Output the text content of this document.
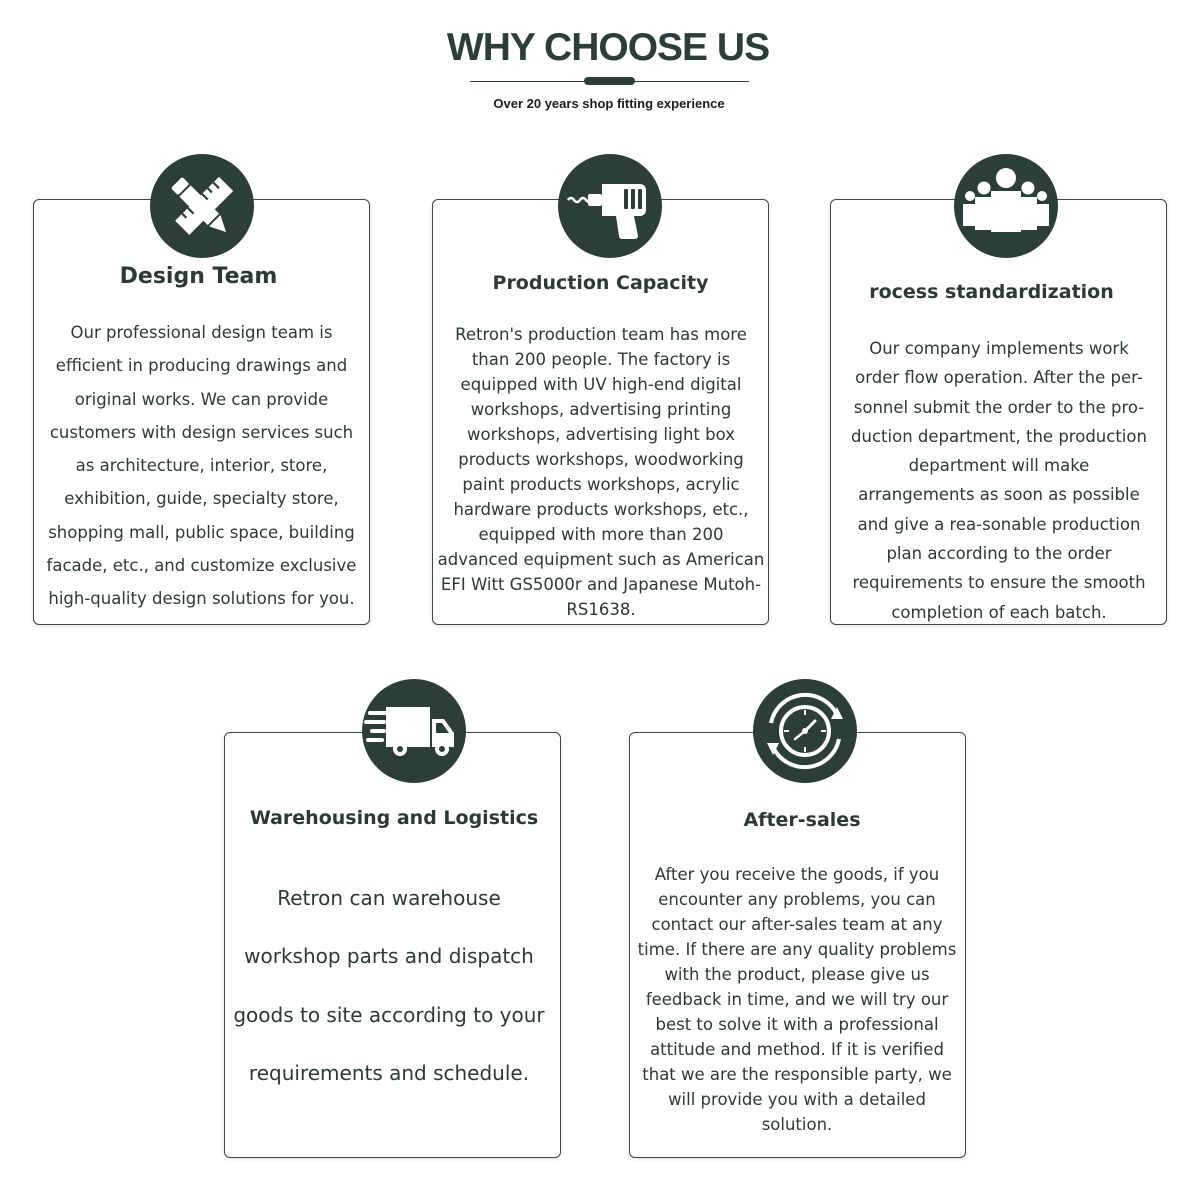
WHY CHOOSE US

Over 20 years shop fitting experience

Design Team

Our professional design team is efficient in producing drawings and original works. We can provide customers with design services such as architecture, interior, store, exhibition, guide, specialty store, shopping mall, public space, building facade, etc., and customize exclusive high-quality design solutions for you.

Production Capacity

Retron's production team has more than 200 people. The factory is equipped with UV high-end digital workshops, advertising printing workshops, advertising light box products workshops, woodworking paint products workshops, acrylic hardware products workshops, etc., equipped with more than 200 advanced equipment such as American EFI Witt GS5000r and Japanese Mutoh-RS1638.

rocess standardization

Our company implements work order flow operation. After the per-sonnel submit the order to the pro-duction department, the production department will make arrangements as soon as possible and give a rea-sonable production plan according to the order requirements to ensure the smooth completion of each batch.

Warehousing and Logistics

Retron can warehouse workshop parts and dispatch goods to site according to your requirements and schedule.

After-sales

After you receive the goods, if you encounter any problems, you can contact our after-sales team at any time. If there are any quality problems with the product, please give us feedback in time, and we will try our best to solve it with a professional attitude and method. If it is verified that we are the responsible party, we will provide you with a detailed solution.
